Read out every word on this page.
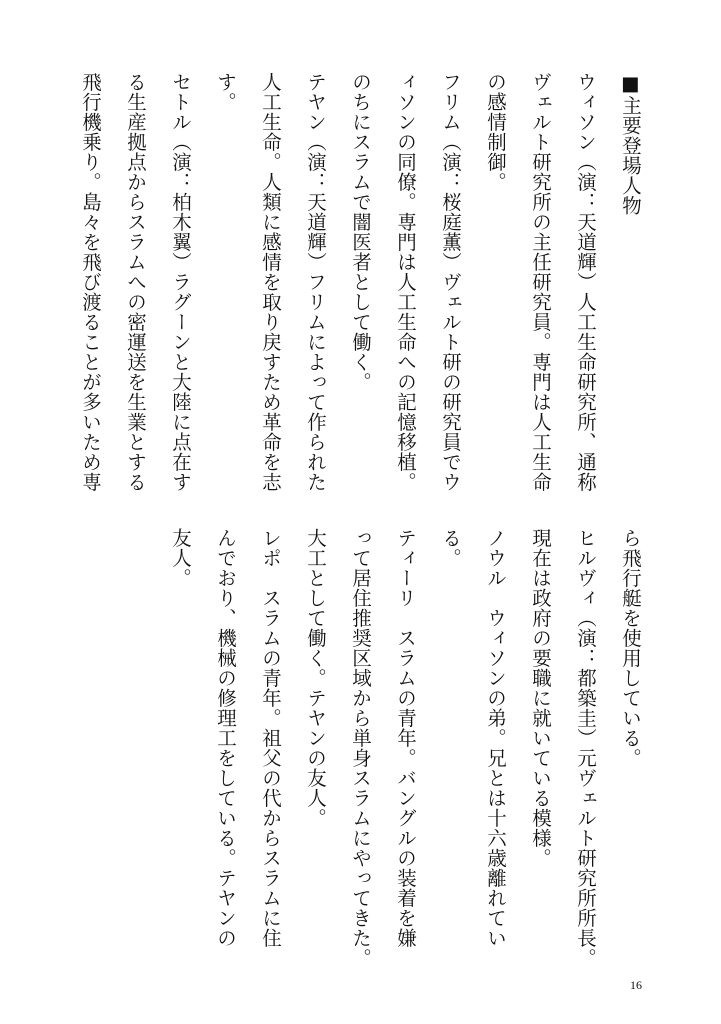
■主要登場人物
ウィソン（演：天道輝）人工生命研究所、通称
ヴェルト研究所の主任研究員。専門は人工生命
の感情制御。
フリム（演：桜庭薫）ヴェルト研の研究員でウ
ィソンの同僚。専門は人工生命への記憶移植。
のちにスラムで闇医者として働く。
テヤン（演：天道輝）フリムによって作られた
人工生命。人類に感情を取り戻すため革命を志
す。
セトル（演：柏木翼）ラグーンと大陸に点在す
る生産拠点からスラムへの密運送を生業とする
飛行機乗り。島々を飛び渡ることが多いため専
ら飛行艇を使用している。
ヒルヴィ（演：都築圭）元ヴェルト研究所所長。
現在は政府の要職に就いている模様。
ノウル　ウィソンの弟。兄とは十六歳離れてい
る。
ティーリ　スラムの青年。バングルの装着を嫌
って居住推奨区域から単身スラムにやってきた。
大工として働く。テヤンの友人。
レポ　スラムの青年。祖父の代からスラムに住
んでおり、機械の修理工をしている。テヤンの
友人。
16
